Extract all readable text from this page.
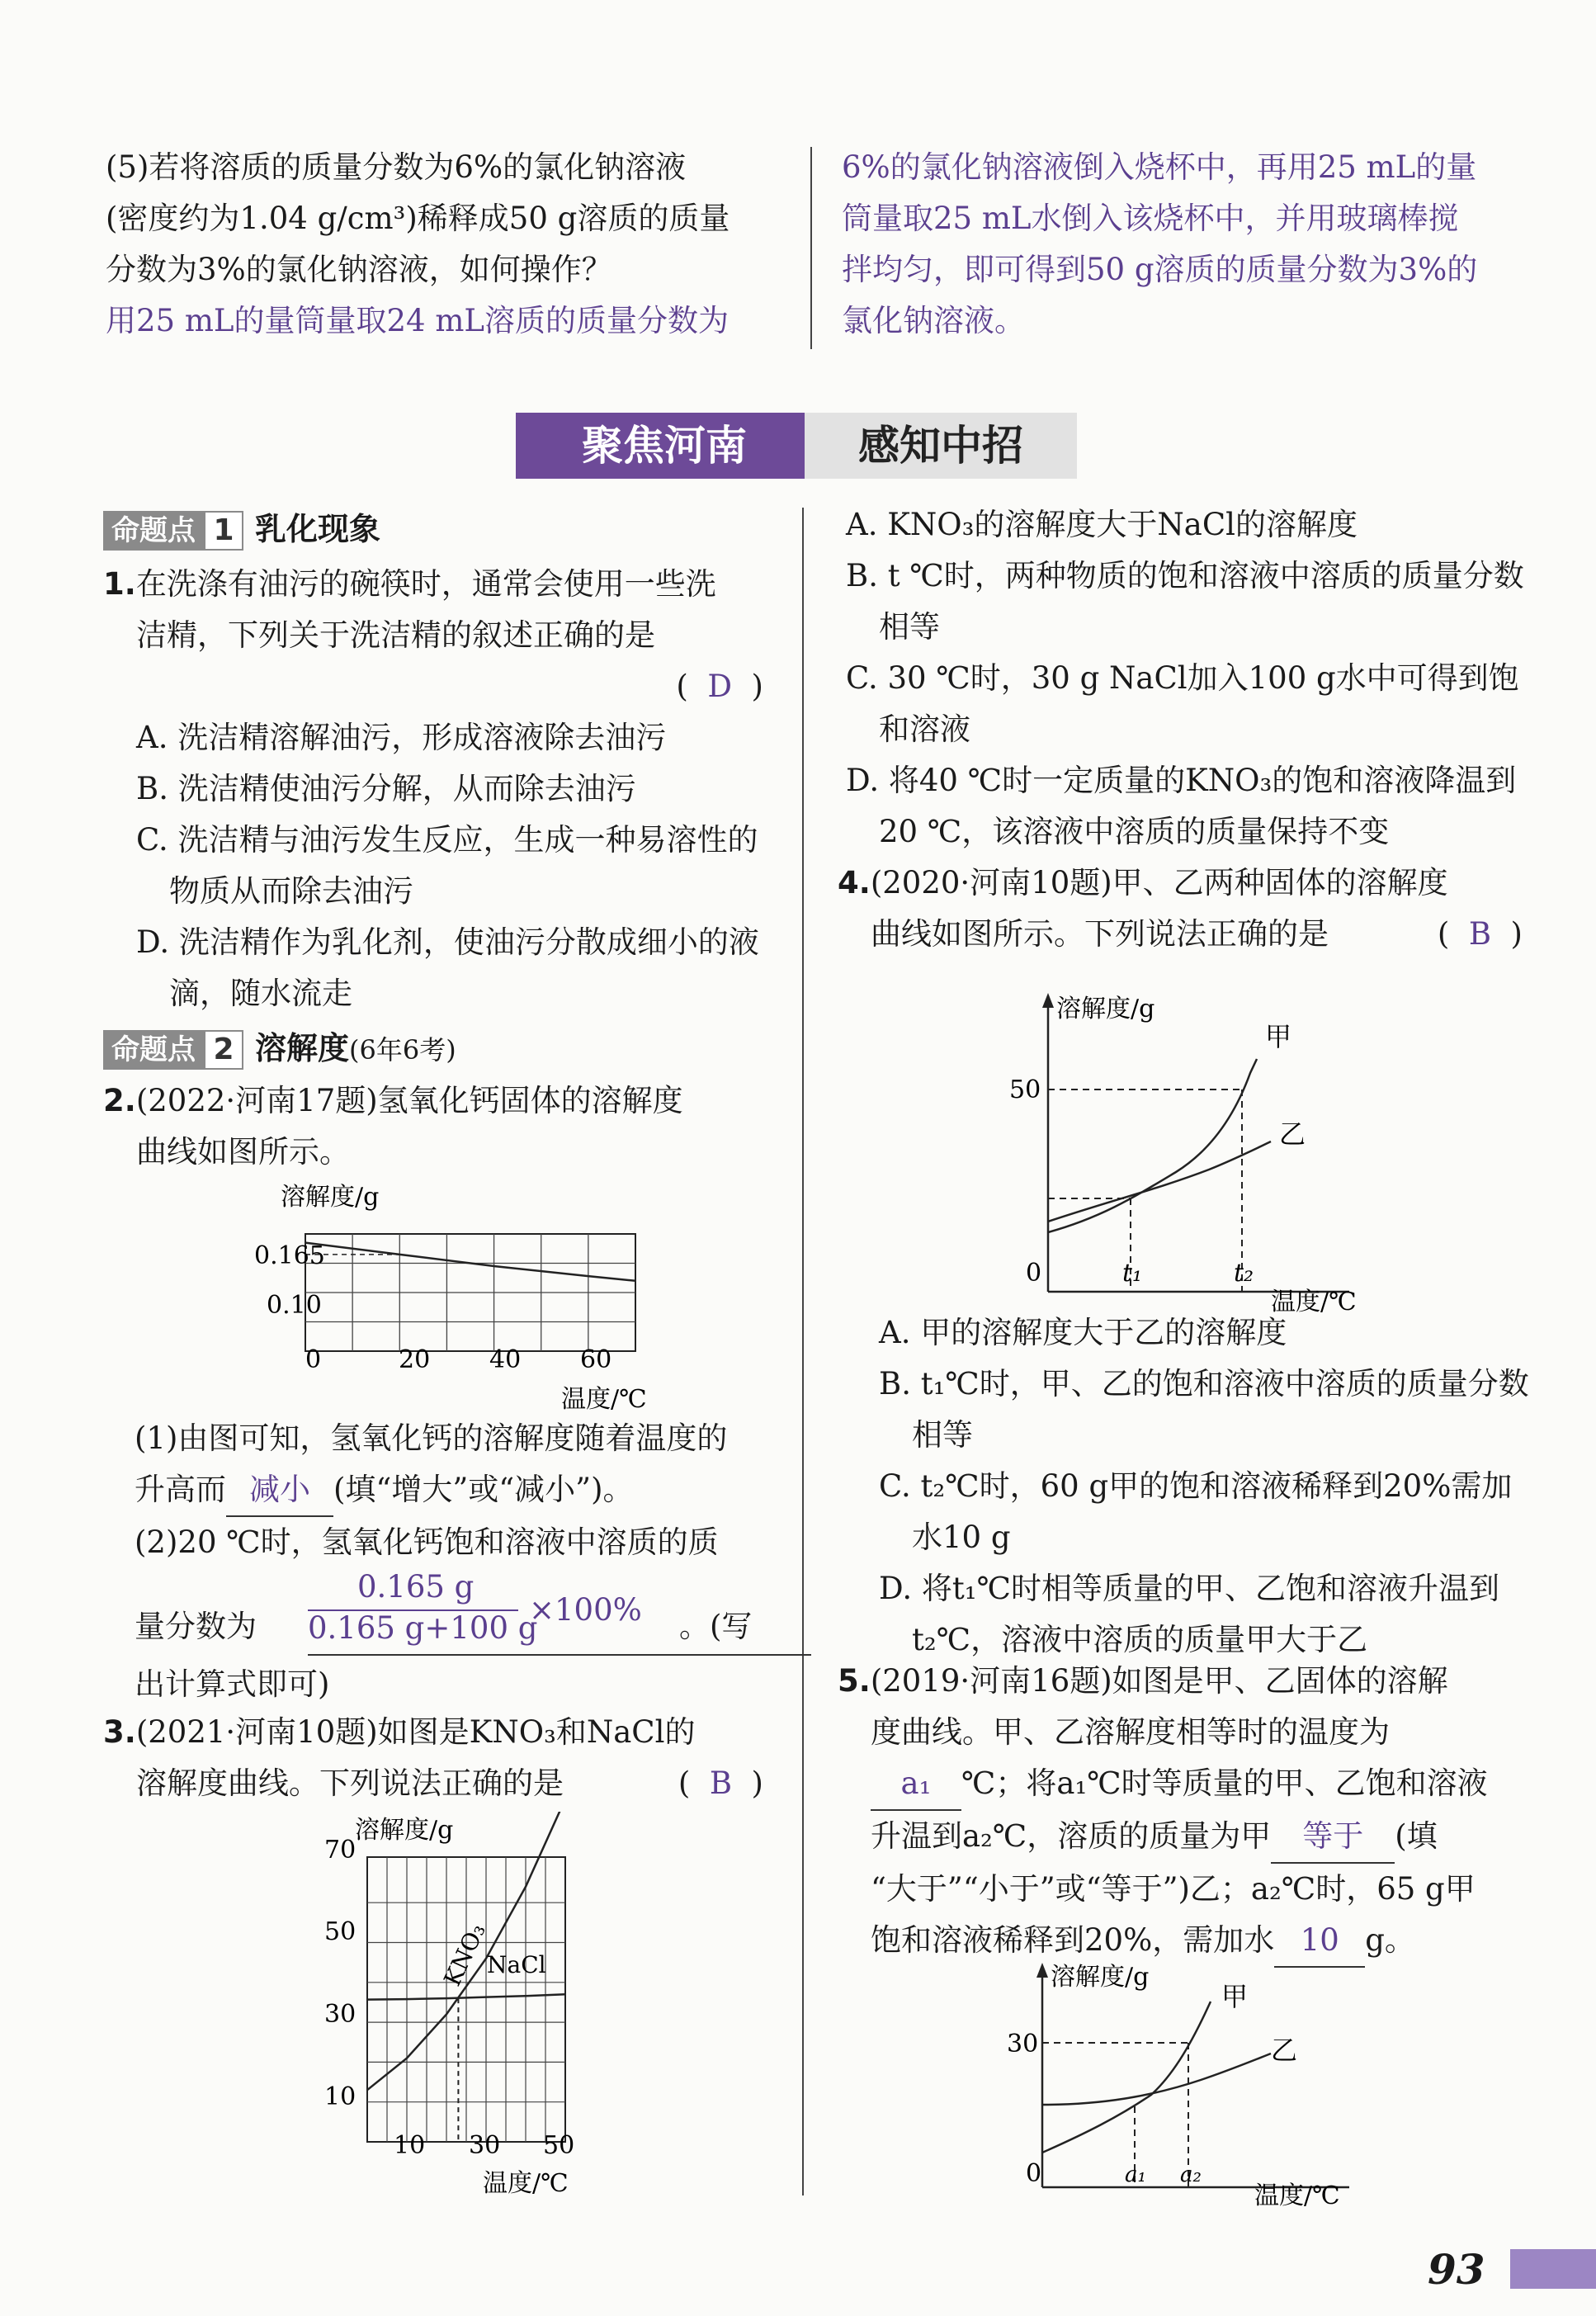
(5)若将溶质的质量分数为6%的氯化钠溶液
(密度约为1.04 g/cm³)稀释成50 g溶质的质量
分数为3%的氯化钠溶液，如何操作？
用25 mL的量筒量取24 mL溶质的质量分数为
6%的氯化钠溶液倒入烧杯中，再用25 mL的量
筒量取25 mL水倒入该烧杯中，并用玻璃棒搅
拌均匀，即可得到50 g溶质的质量分数为3%的
氯化钠溶液。
聚焦河南	感知中招
命题点 1 乳化现象
1.在洗涤有油污的碗筷时，通常会使用一些洗
洁精，下列关于洗洁精的叙述正确的是
(  D  )
A. 洗洁精溶解油污，形成溶液除去油污
B. 洗洁精使油污分解，从而除去油污
C. 洗洁精与油污发生反应，生成一种易溶性的物质从而除去油污
D. 洗洁精作为乳化剂，使油污分散成细小的液滴，随水流走
命题点 2 溶解度(6年6考)
2.(2022·河南17题)氢氧化钙固体的溶解度
曲线如图所示。
溶解度/g
0.165
0.10
0	20 40 60
温度/℃
(1)由图可知，氢氧化钙的溶解度随着温度的
升高而 减小 (填“增大”或“减小”)。
(2)20 ℃时，氢氧化钙饱和溶液中溶质的质
量分数为
0.165 g
×100%
0.165 g+100 g	。(写
出计算式即可)
3.(2021·河南10题)如图是KNO₃和NaCl的
溶解度曲线。下列说法正确的是	(  B  )
溶解度/g
70
50
30
10
10 30 50
温度/℃
KNO₃
NaCl
A. KNO₃的溶解度大于NaCl的溶解度
B. t ℃时，两种物质的饱和溶液中溶质的质量分数相等
C. 30 ℃时，30 g NaCl加入100 g水中可得到饱和溶液
D. 将40 ℃时一定质量的KNO₃的饱和溶液降温到20 ℃，该溶液中溶质的质量保持不变
4.(2020·河南10题)甲、乙两种固体的溶解度
曲线如图所示。下列说法正确的是	(  B  )
溶解度/g
50
0	t₁	t₂
温度/℃
甲
乙
A. 甲的溶解度大于乙的溶解度
B. t₁℃时，甲、乙的饱和溶液中溶质的质量分数相等
C. t₂℃时，60 g甲的饱和溶液稀释到20%需加水10 g
D. 将t₁℃时相等质量的甲、乙饱和溶液升温到t₂℃，溶液中溶质的质量甲大于乙
5.(2019·河南16题)如图是甲、乙固体的溶解
度曲线。甲、乙溶解度相等时的温度为
a₁ ℃；将a₁℃时等质量的甲、乙饱和溶液
升温到a₂℃，溶质的质量为甲 等于 (填
“大于”“小于”或“等于”)乙；a₂℃时，65 g甲
饱和溶液稀释到20%，需加水 10 g。
溶解度/g
30
0	a₁ a₂
温度/℃
甲
乙
93
